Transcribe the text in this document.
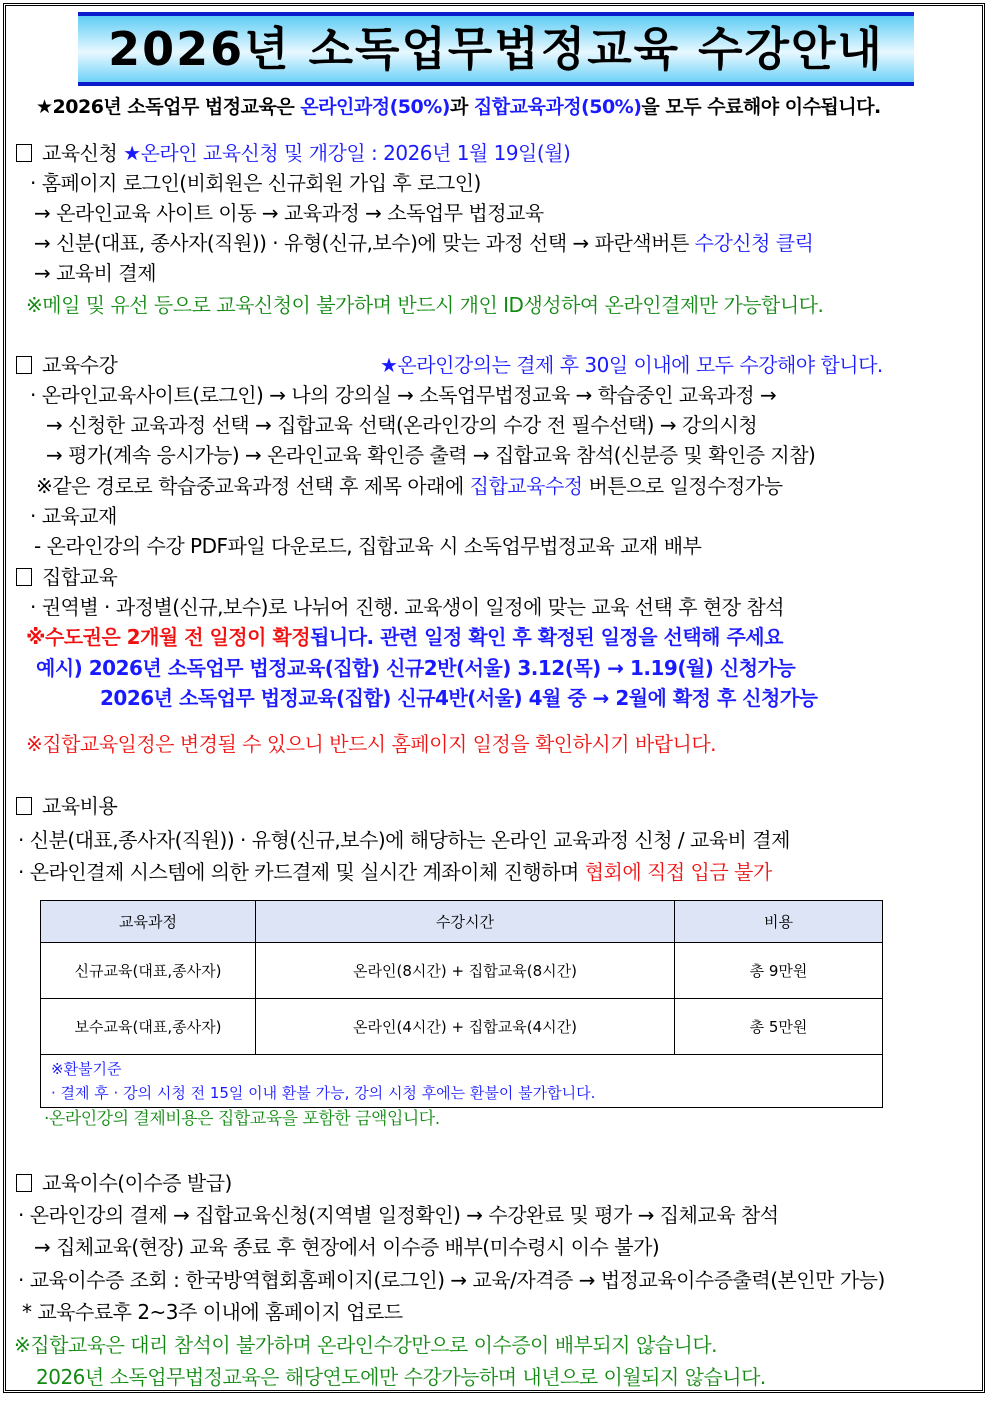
2026년 소독업무법정교육 수강안내
★2026년 소독업무 법정교육은 온라인과정(50%)과 집합교육과정(50%)을 모두 수료해야 이수됩니다.
교육신청 ★온라인 교육신청 및 개강일 : 2026년 1월 19일(월)
· 홈페이지 로그인(비회원은 신규회원 가입 후 로그인)
→ 온라인교육 사이트 이동 → 교육과정 → 소독업무 법정교육
→ 신분(대표, 종사자(직원)) · 유형(신규,보수)에 맞는 과정 선택 → 파란색버튼 수강신청 클릭
→ 교육비 결제
※메일 및 유선 등으로 교육신청이 불가하며 반드시 개인 ID생성하여 온라인결제만 가능합니다.
교육수강	★온라인강의는 결제 후 30일 이내에 모두 수강해야 합니다.
· 온라인교육사이트(로그인) → 나의 강의실 → 소독업무법정교육 → 학습중인 교육과정 →
→ 신청한 교육과정 선택 → 집합교육 선택(온라인강의 수강 전 필수선택) → 강의시청
→ 평가(계속 응시가능) → 온라인교육 확인증 출력 → 집합교육 참석(신분증 및 확인증 지참)
※같은 경로로 학습중교육과정 선택 후 제목 아래에 집합교육수정 버튼으로 일정수정가능
· 교육교재
- 온라인강의 수강 PDF파일 다운로드, 집합교육 시 소독업무법정교육 교재 배부
집합교육
· 권역별 · 과정별(신규,보수)로 나뉘어 진행. 교육생이 일정에 맞는 교육 선택 후 현장 참석
※수도권은 2개월 전 일정이 확정됩니다. 관련 일정 확인 후 확정된 일정을 선택해 주세요
예시) 2026년 소독업무 법정교육(집합) 신규2반(서울) 3.12(목) → 1.19(월) 신청가능
2026년 소독업무 법정교육(집합) 신규4반(서울) 4월 중 → 2월에 확정 후 신청가능
※집합교육일정은 변경될 수 있으니 반드시 홈페이지 일정을 확인하시기 바랍니다.
교육비용
· 신분(대표,종사자(직원)) · 유형(신규,보수)에 해당하는 온라인 교육과정 신청 / 교육비 결제
· 온라인결제 시스템에 의한 카드결제 및 실시간 계좌이체 진행하며 협회에 직접 입금 불가
교육과정	수강시간	비용
신규교육(대표,종사자)	온라인(8시간) + 집합교육(8시간)	총 9만원
보수교육(대표,종사자)	온라인(4시간) + 집합교육(4시간)	총 5만원

※환불기준
· 결제 후 · 강의 시청 전 15일 이내 환불 가능, 강의 시청 후에는 환불이 불가합니다.		
·온라인강의 결제비용은 집합교육을 포함한 금액입니다.
교육이수(이수증 발급)
· 온라인강의 결제 → 집합교육신청(지역별 일정확인) → 수강완료 및 평가 → 집체교육 참석
→ 집체교육(현장) 교육 종료 후 현장에서 이수증 배부(미수령시 이수 불가)
· 교육이수증 조회 : 한국방역협회홈페이지(로그인) → 교육/자격증 → 법정교육이수증출력(본인만 가능)
* 교육수료후 2~3주 이내에 홈페이지 업로드
※집합교육은 대리 참석이 불가하며 온라인수강만으로 이수증이 배부되지 않습니다.
2026년 소독업무법정교육은 해당연도에만 수강가능하며 내년으로 이월되지 않습니다.
